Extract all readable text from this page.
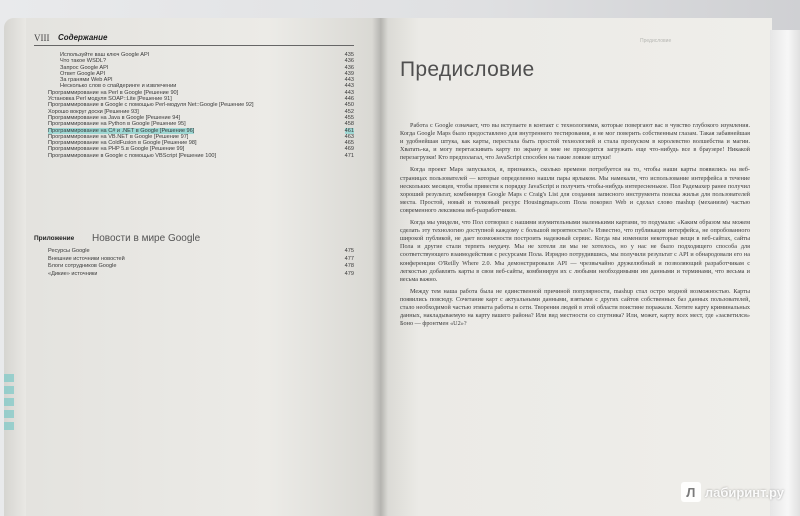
VIII Содержание
Используйте ваш ключ Google API	435
Что такое WSDL?	436
Запрос Google API	436
Ответ Google API	439
За гранями Web API	443
Несколько слов о спайдеринге и извлечении	443
Программирование на Perl в Google [Решение 90]	443
Установка Perl модуля SOAP::Lite [Решение 91]	446
Программирование в Google с помощью Perl-модуля Net::Google [Решение 92]	450
Хорошо вокруг доски [Решение 93]	452
Программирование на Java в Google [Решение 94]	455
Программирование на Python в Google [Решение 95]	458
Программирование на C# и .NET в Google [Решение 96]	461
Программирование на VB.NET в Google [Решение 97]	463
Программирование на ColdFusion в Google [Решение 98]	465
Программирование на PHP 5.в Google [Решение 99]	469
Программирование в Google с помощью VBScript [Решение 100]	471
Приложение Новости в мире Google
Ресурсы Google	475
Внешние источники новостей	477
Блоги сотрудников Google	478
«Дикие» источники	479
Предисловие
Предисловие

Работа с Google означает, что вы вступаете в контакт с технологиями, которые повергают вас в чувство глубокого изумления. Когда Google Maps было предоставлено для внутреннего тестирования, я не мог поверить собственным глазам. Такая забавнейшая и удобнейшая штука, как карты, перестала быть простой технологией и стала пропуском в королевство волшебства и магии. Хватать-ка, и могу перетаскивать карту по экрану и мне не приходится загружать еще что-нибудь все в браузере! Никакой перезагрузки! Кто предполагал, что JavaScript способен на такие ловкие штуки!

Когда проект Maps запускался, я, признаюсь, сколько времени потребуется на то, чтобы наши карты появились на веб-страницах пользователей — которые определенно нашли пары ярлыком. Мы намекали, что использование интерфейса в течение нескольких месяцев, чтобы привести к порядку JavaScript и получить чтобы-нибудь интересненькое. Пол Радемахер ранее получил хороший результат, комбинируя Google Maps с Craig's List для создания записного инструмента поиска жилья для пользователей места. Простой, новый и толковый ресурс Housingmaps.com Пола покорил Web и сделал слово mashup (механизм) частью современного лексикона веб-разработчиков.

Когда мы увидели, что Пол сотворил с нашими изумительными маленькими картами, то подумали: «Каким образом мы можем сделать эту технологию доступной каждому с большой вероятностью?» Известно, что публикация интерфейса, не опробованного широкой публикой, не дает возможности построить надежный сервис. Когда мы изменили некоторые вещи в веб-сайтах, сайты Пола и другие стали терпеть неудачу. Мы не хотели ли мы не хотелось, но у нас не было подходящего способа для соответствующего взаимодействия с ресурсами Пола. Изрядно потрудившись, мы получили результат с API и обнародовали его на конференции O'Reilly Where 2.0. Мы демонстрировали API — чрезвычайно дружелюбный и позволяющий разработчикам с легкостью добавлять карты в свои веб-сайты, комбинируя их с любыми необходимыми им данными и терминами, что весьма и весьма важно.

Между тем наша работа была не единственной причиной популярности, mashup стал остро модной возможностью. Карты появились повсюду. Сочетание карт с актуальными данными, взятыми с других сайтов собственных баз данных пользователей, стало необходимой частью этикета работы в сети. Творения людей в этой области поистине поражали. Хотите карту криминальных данных, накладываемую на карту вашего района? Или вид местности со спутника? Или, может, карту всех мест, где «засветился» Боно — фронтмен «U2»?

Л лабиринт.ру
